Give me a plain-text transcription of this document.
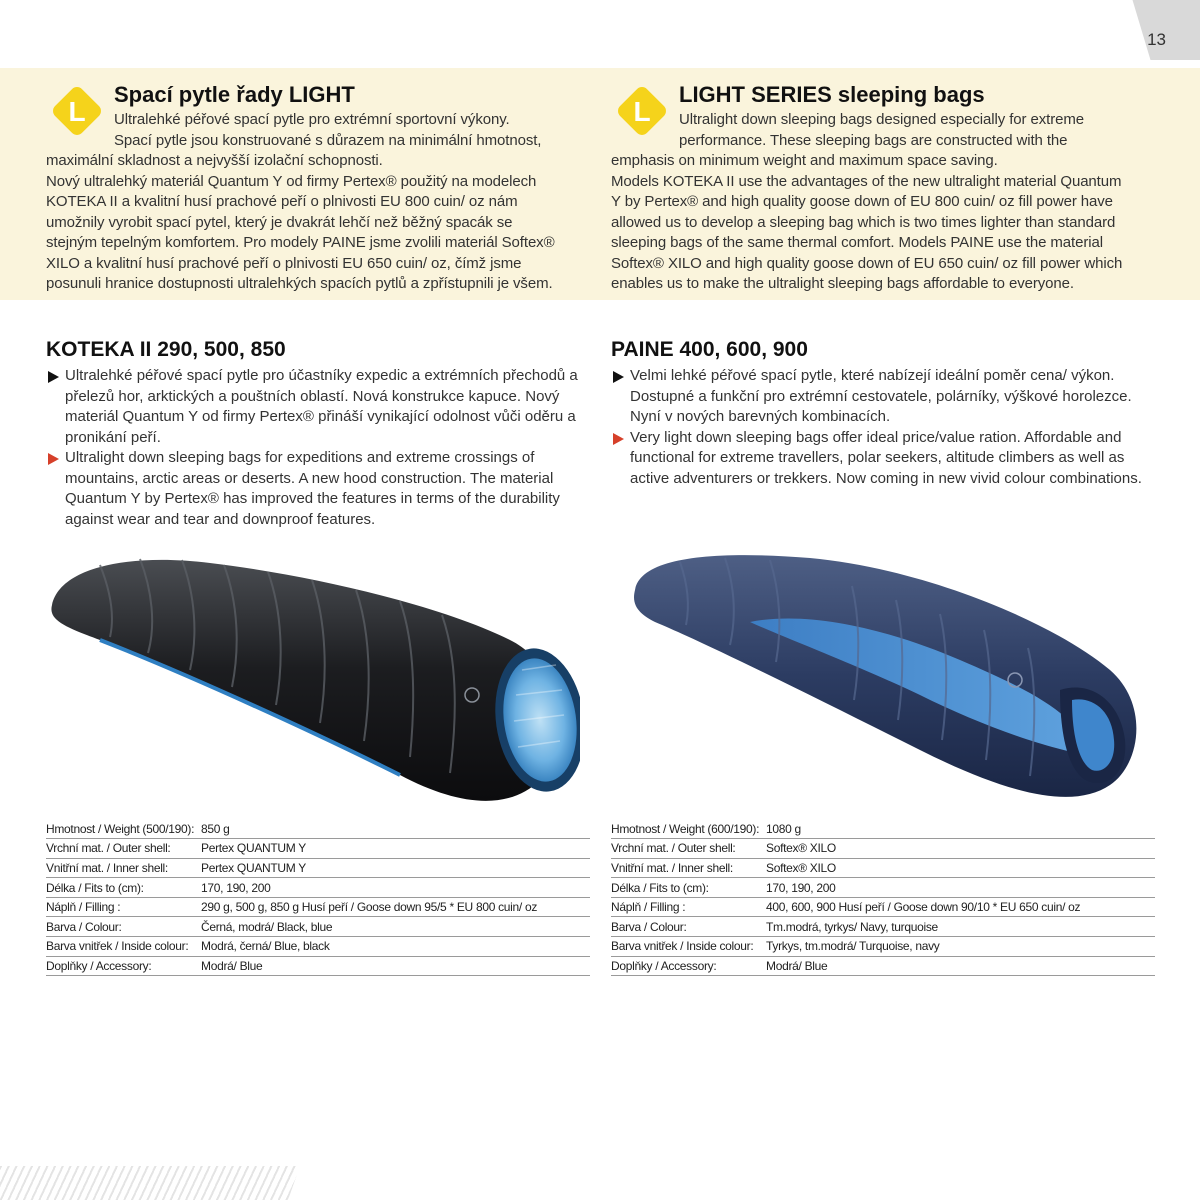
13
L
Spací pytle řady LIGHT
Ultralehké péřové spací pytle pro extrémní sportovní výkony.
Spací pytle jsou konstruované s důrazem na minimální hmotnost,
maximální skladnost a nejvyšší izolační schopnosti.
Nový ultralehký materiál Quantum Y od firmy Pertex® použitý na modelech
KOTEKA II a kvalitní husí prachové peří o plnivosti EU 800 cuin/ oz nám
umožnily vyrobit spací pytel, který je dvakrát lehčí než běžný spacák se
stejným tepelným komfortem. Pro modely PAINE jsme zvolili materiál Softex®
XILO a kvalitní husí prachové peří o plnivosti EU 650 cuin/ oz, čímž jsme
posunuli hranice dostupnosti ultralehkých spacích pytlů a zpřístupnili je všem.
L
LIGHT SERIES sleeping bags
Ultralight down sleeping bags designed especially for extreme
performance. These sleeping bags are constructed with the
emphasis on minimum weight and maximum space saving.
Models KOTEKA II use the advantages of the new ultralight material Quantum
Y by Pertex® and high quality goose down of EU 800 cuin/ oz fill power have
allowed us to develop a sleeping bag which is two times lighter than standard
sleeping bags of the same thermal comfort. Models PAINE use the material
Softex® XILO and high quality goose down of EU 650 cuin/ oz fill power which
enables us to make the ultralight sleeping bags affordable to everyone.
KOTEKA II 290, 500, 850
Ultralehké péřové spací pytle pro účastníky expedic a extrémních přechodů a přelezů hor, arktických a pouštních oblastí. Nová konstrukce kapuce. Nový materiál Quantum Y od firmy Pertex® přináší vynikající odolnost vůči oděru a pronikání peří.
Ultralight down sleeping bags for expeditions and extreme crossings of mountains, arctic areas or deserts. A new hood construction. The material Quantum Y by Pertex® has improved the features in terms of the durability against wear and tear and downproof features.
PAINE 400, 600, 900
Velmi lehké péřové spací pytle, které nabízejí ideální poměr cena/ výkon. Dostupné a funkční pro extrémní cestovatele, polárníky, výškové horolezce. Nyní v nových barevných kombinacích.
Very light down sleeping bags offer ideal price/value ration. Affordable and functional for extreme travellers, polar seekers, altitude climbers as well as active adventurers or trekkers. Now coming in new vivid colour combinations.
Hmotnost / Weight (500/190):	850 g
Vrchní mat. / Outer shell:	Pertex QUANTUM Y
Vnitřní mat. / Inner shell:	Pertex QUANTUM Y
Délka / Fits to (cm):	170, 190, 200
Náplň / Filling :	290 g, 500 g, 850 g Husí peří / Goose down 95/5 * EU 800 cuin/ oz
Barva / Colour:	Černá, modrá/ Black, blue
Barva vnitřek / Inside colour:	Modrá, černá/ Blue, black
Doplňky / Accessory:	Modrá/ Blue
Hmotnost / Weight (600/190):	1080 g
Vrchní mat. / Outer shell:	Softex® XILO
Vnitřní mat. / Inner shell:	Softex® XILO
Délka / Fits to (cm):	170, 190, 200
Náplň / Filling :	400, 600, 900 Husí peří / Goose down 90/10 * EU 650 cuin/ oz
Barva / Colour:	Tm.modrá, tyrkys/ Navy, turquoise
Barva vnitřek / Inside colour:	Tyrkys, tm.modrá/ Turquoise, navy
Doplňky / Accessory:	Modrá/ Blue
